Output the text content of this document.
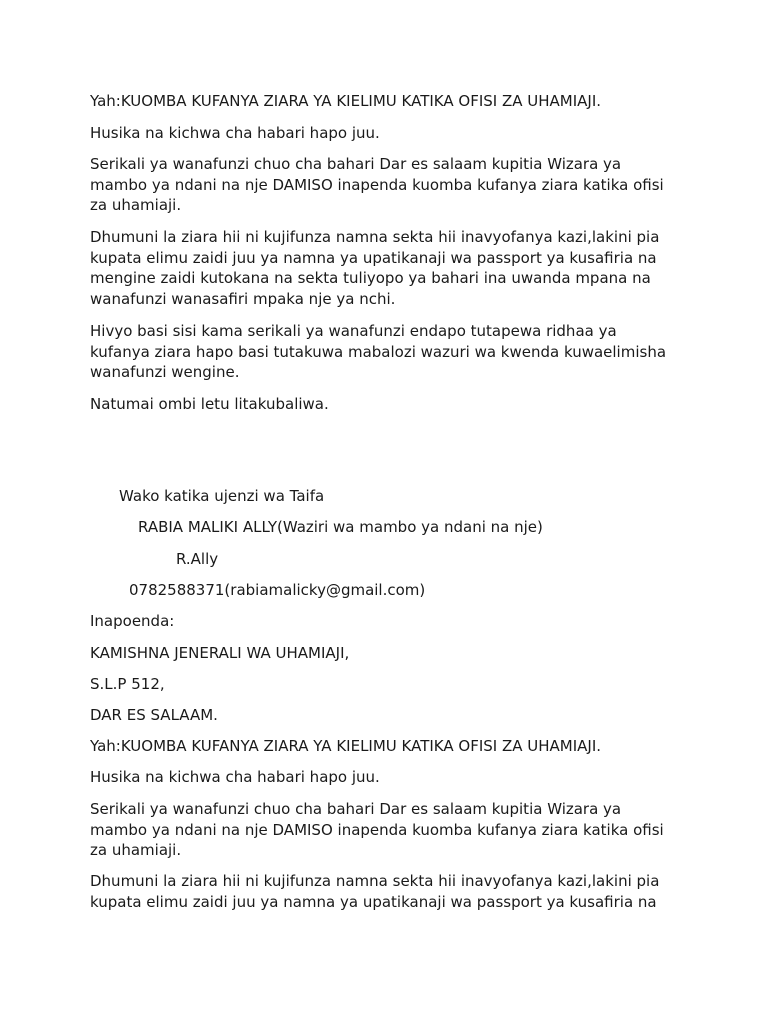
Yah:KUOMBA KUFANYA ZIARA YA KIELIMU KATIKA OFISI ZA UHAMIAJI.
Husika na kichwa cha habari hapo juu.
Serikali ya wanafunzi chuo cha bahari Dar es salaam kupitia Wizara ya
mambo ya ndani na nje DAMISO inapenda kuomba kufanya ziara katika ofisi
za uhamiaji.
Dhumuni la ziara hii ni kujifunza namna sekta hii inavyofanya kazi,lakini pia
kupata elimu zaidi juu ya namna ya upatikanaji wa passport ya kusafiria na
mengine zaidi kutokana na sekta tuliyopo ya bahari ina uwanda mpana na
wanafunzi wanasafiri mpaka nje ya nchi.
Hivyo basi sisi kama serikali ya wanafunzi endapo tutapewa ridhaa ya
kufanya ziara hapo basi tutakuwa mabalozi wazuri wa kwenda kuwaelimisha
wanafunzi wengine.
Natumai ombi letu litakubaliwa.
Wako katika ujenzi wa Taifa
RABIA MALIKI ALLY(Waziri wa mambo ya ndani na nje)
R.Ally
0782588371(rabiamalicky@gmail.com)
Inapoenda:
KAMISHNA JENERALI WA UHAMIAJI,
S.L.P 512,
DAR ES SALAAM.
Yah:KUOMBA KUFANYA ZIARA YA KIELIMU KATIKA OFISI ZA UHAMIAJI.
Husika na kichwa cha habari hapo juu.
Serikali ya wanafunzi chuo cha bahari Dar es salaam kupitia Wizara ya
mambo ya ndani na nje DAMISO inapenda kuomba kufanya ziara katika ofisi
za uhamiaji.
Dhumuni la ziara hii ni kujifunza namna sekta hii inavyofanya kazi,lakini pia
kupata elimu zaidi juu ya namna ya upatikanaji wa passport ya kusafiria na
